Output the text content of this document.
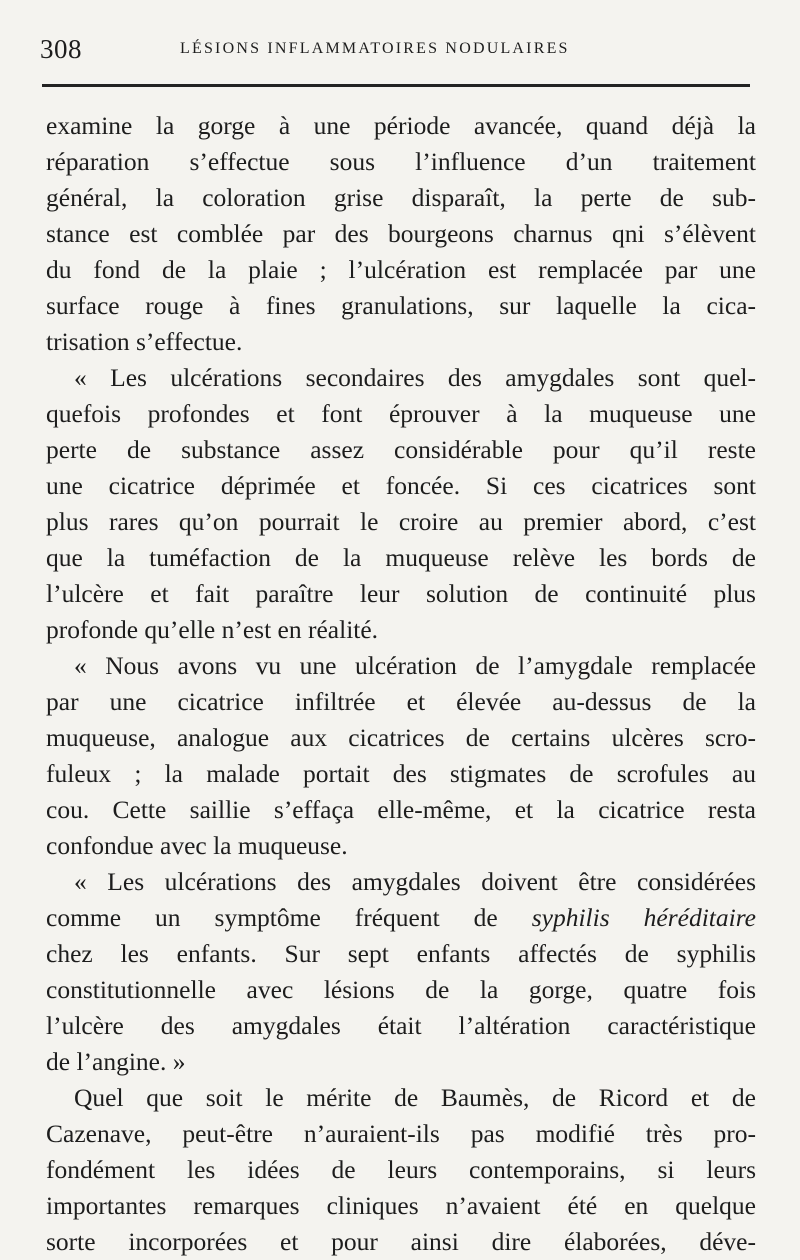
308	LÉSIONS INFLAMMATOIRES NODULAIRES
examine la gorge à une période avancée, quand déjà la
réparation s’effectue sous l’influence d’un traitement
général, la coloration grise disparaît, la perte de sub-
stance est comblée par des bourgeons charnus qni s’élèvent
du fond de la plaie ; l’ulcération est remplacée par une
surface rouge à fines granulations, sur laquelle la cica-
trisation s’effectue.
« Les ulcérations secondaires des amygdales sont quel-
quefois profondes et font éprouver à la muqueuse une
perte de substance assez considérable pour qu’il reste
une cicatrice déprimée et foncée. Si ces cicatrices sont
plus rares qu’on pourrait le croire au premier abord, c’est
que la tuméfaction de la muqueuse relève les bords de
l’ulcère et fait paraître leur solution de continuité plus
profonde qu’elle n’est en réalité.
« Nous avons vu une ulcération de l’amygdale remplacée
par une cicatrice infiltrée et élevée au-dessus de la
muqueuse, analogue aux cicatrices de certains ulcères scro-
fuleux ; la malade portait des stigmates de scrofules au
cou. Cette saillie s’effaça elle-même, et la cicatrice resta
confondue avec la muqueuse.
« Les ulcérations des amygdales doivent être considérées
comme un symptôme fréquent de syphilis héréditaire
chez les enfants. Sur sept enfants affectés de syphilis
constitutionnelle avec lésions de la gorge, quatre fois
l’ulcère des amygdales était l’altération caractéristique
de l’angine. »
Quel que soit le mérite de Baumès, de Ricord et de
Cazenave, peut-être n’auraient-ils pas modifié très pro-
fondément les idées de leurs contemporains, si leurs
importantes remarques cliniques n’avaient été en quelque
sorte incorporées et pour ainsi dire élaborées, déve-
